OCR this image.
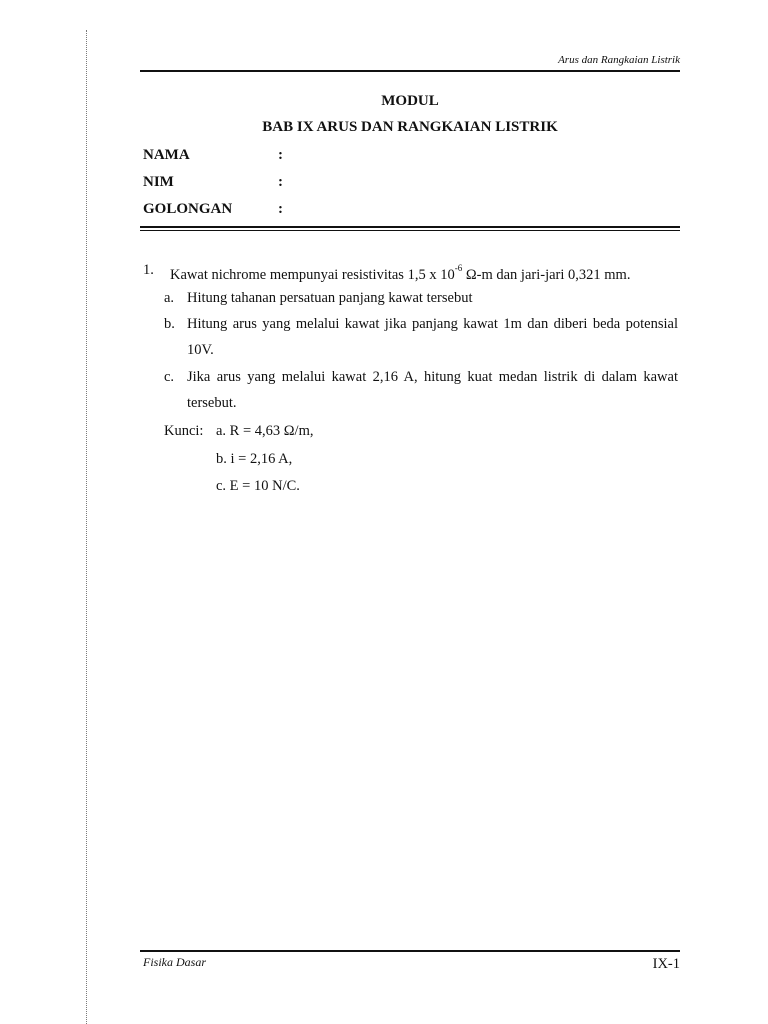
Arus dan Rangkaian Listrik
MODUL
BAB IX ARUS DAN RANGKAIAN LISTRIK
NAMA	:
NIM	:
GOLONGAN	:
1. Kawat nichrome mempunyai resistivitas 1,5 x $10^{-6}$ Ω-m dan jari-jari 0,321 mm.
a. Hitung tahanan persatuan panjang kawat tersebut
b. Hitung arus yang melalui kawat jika panjang kawat 1m dan diberi beda potensial 10V.
c. Jika arus yang melalui kawat 2,16 A, hitung kuat medan listrik di dalam kawat tersebut.
Kunci: a. R = 4,63 Ω/m,
b. i = 2,16 A,
c. E = 10 N/C.
Fisika Dasar	IX-1
